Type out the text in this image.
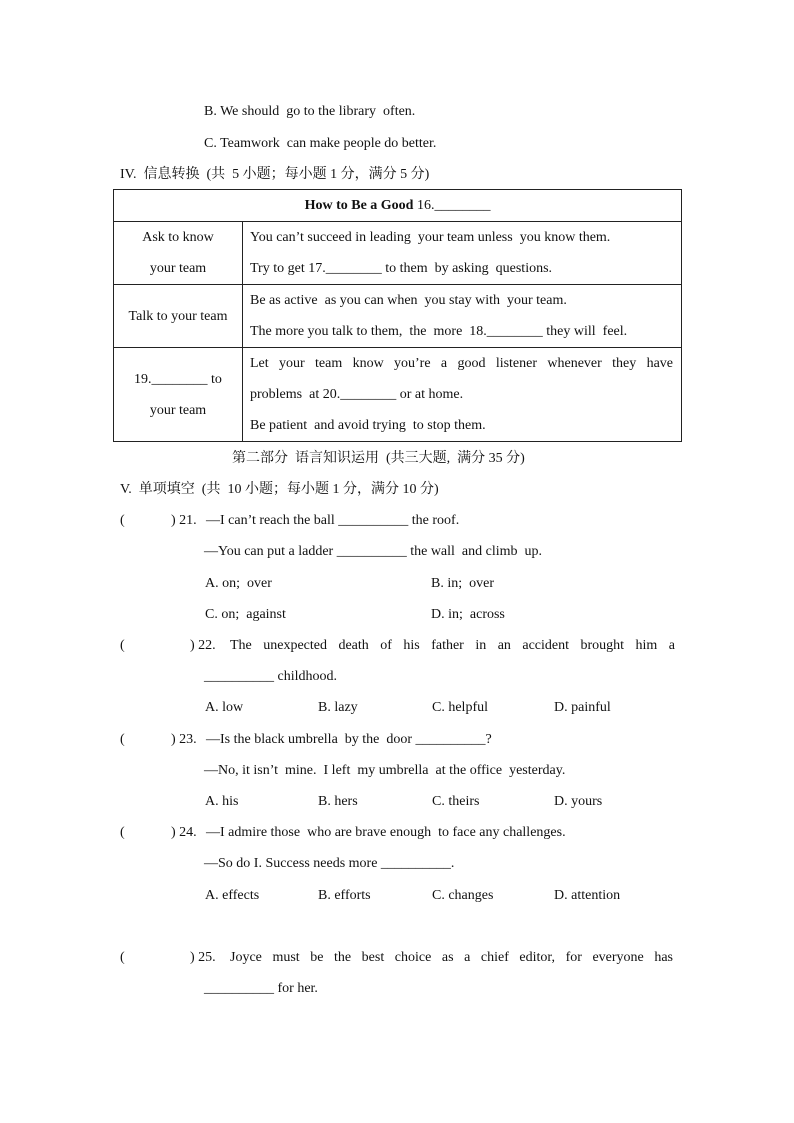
B. We should  go to the library  often.
C. Teamwork  can make people do better.
IV.  信息转换  (共  5 小题；每小题 1 分，满分 5 分)
How to Be a Good 16.________	

Ask to know
your team	You can’t succeed in leading  your team unless  you know them.
Try to get 17.________ to them  by asking  questions.

Talk to your team	Be as active  as you can when  you stay with  your team.
The more you talk to them,  the  more  18.________ they will  feel.

19.________ to
your team	Let your team know you’re a good listener whenever they have
problems  at 20.________ or at home.
Be patient  and avoid trying  to stop them.
第二部分  语言知识运用  (共三大题,  满分 35 分)
V.  单项填空  (共  10 小题；每小题 1 分，满分 10 分)
(	) 21. —I can’t reach the ball __________ the roof.
—You can put a ladder __________ the wall  and climb  up.
A. on;  over	B. in;  over
C. on;  against	D. in;  across
(	) 22. The unexpected death of his father in an accident brought him a
__________ childhood.
A. low	B. lazy	C. helpful	D. painful
(	) 23. —Is the black umbrella  by the  door __________?
—No, it isn’t  mine.  I left  my umbrella  at the office  yesterday.
A. his	B. hers	C. theirs	D. yours
(	) 24. —I admire those  who are brave enough  to face any challenges.
—So do I. Success needs more __________.
A. effects	B. efforts	C. changes	D. attention
(	) 25. Joyce must be the best choice as a chief editor, for everyone has
__________ for her.
